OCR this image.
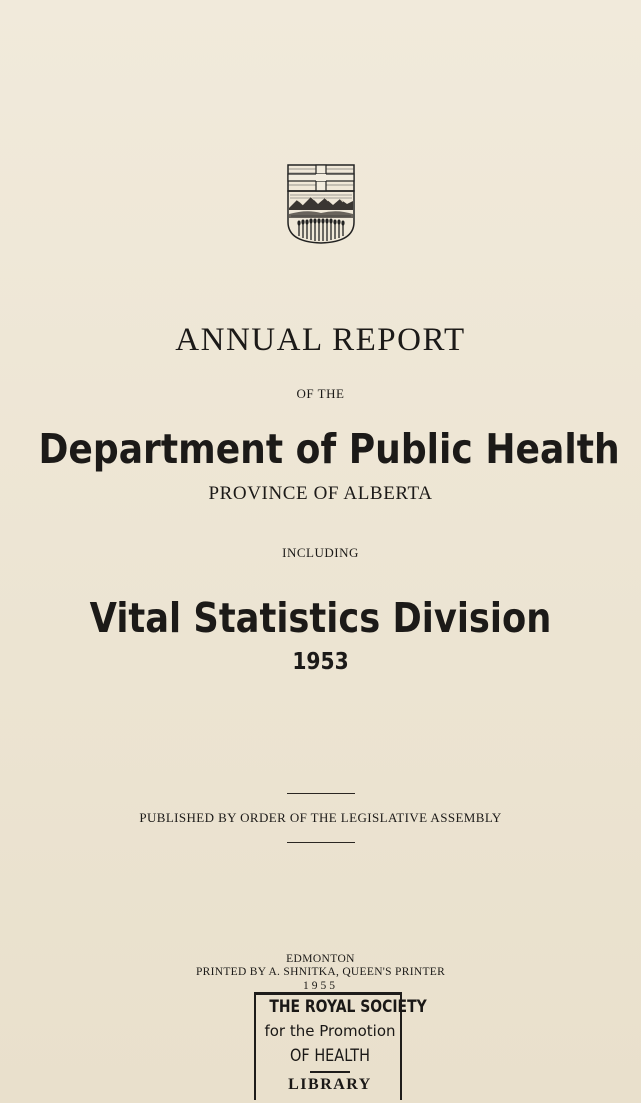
ANNUAL REPORT
OF THE
Department of Public Health
PROVINCE OF ALBERTA
INCLUDING
Vital Statistics Division
1953
PUBLISHED BY ORDER OF THE LEGISLATIVE ASSEMBLY
EDMONTON
PRINTED BY A. SHNITKA, QUEEN'S PRINTER
1955
THE ROYAL SOCIETY
for the Promotion
OF HEALTH
LIBRARY
